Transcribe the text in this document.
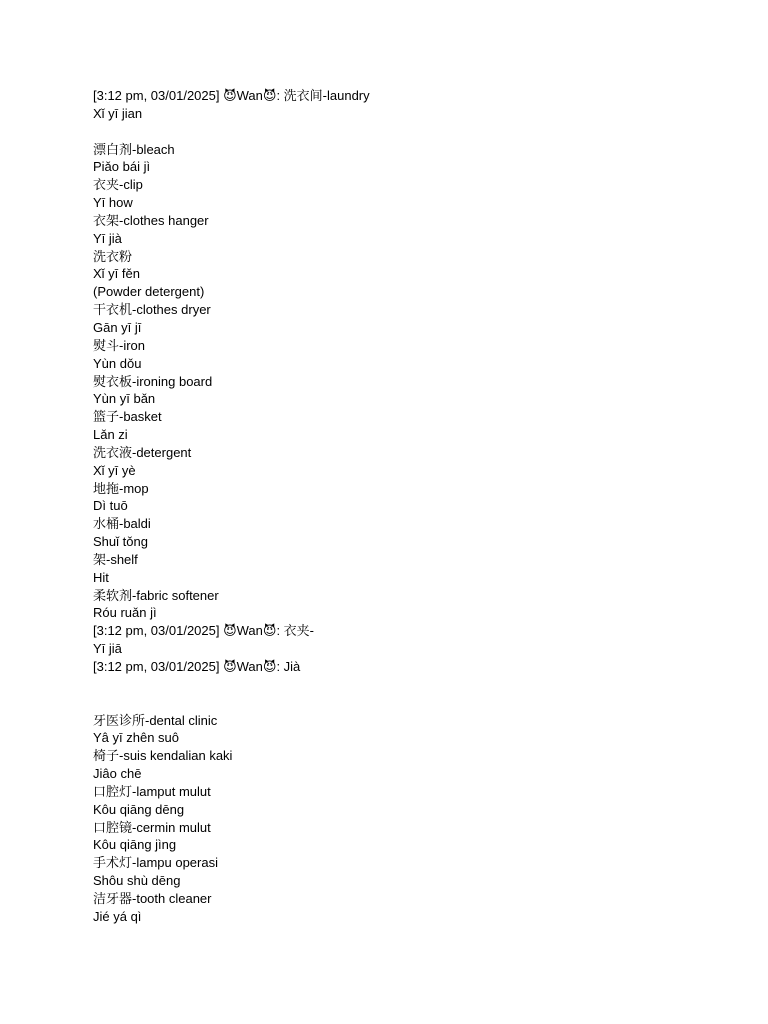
[3:12 pm, 03/01/2025] 😈Wan😈: 洗衣间-laundry
Xǐ yī jian
漂白剂-bleach
Piǎo bái jì
衣夹-clip
Yī how
衣架-clothes hanger
Yī jià
洗衣粉
Xǐ yī fěn
(Powder detergent)
干衣机-clothes dryer
Gān yī jī
熨斗-iron
Yùn dǒu
熨衣板-ironing board
Yùn yī bǎn
篮子-basket
Lǎn zi
洗衣液-detergent
Xǐ yī yè
地拖-mop
Dì tuō
水桶-baldi
Shuǐ tǒng
架-shelf
Hit
柔软剂-fabric softener
Róu ruǎn jì
[3:12 pm, 03/01/2025] 😈Wan😈: 衣夹-
Yī jiā
[3:12 pm, 03/01/2025] 😈Wan😈: Jià
牙医诊所-dental clinic
Yâ yī zhên suô
椅子-suis kendalian kaki
Jiâo chē
口腔灯-lamput mulut
Kôu qiāng dēng
口腔镜-cermin mulut
Kôu qiāng jìng
手术灯-lampu operasi
Shôu shù dēng
洁牙器-tooth cleaner
Jié yá qì
